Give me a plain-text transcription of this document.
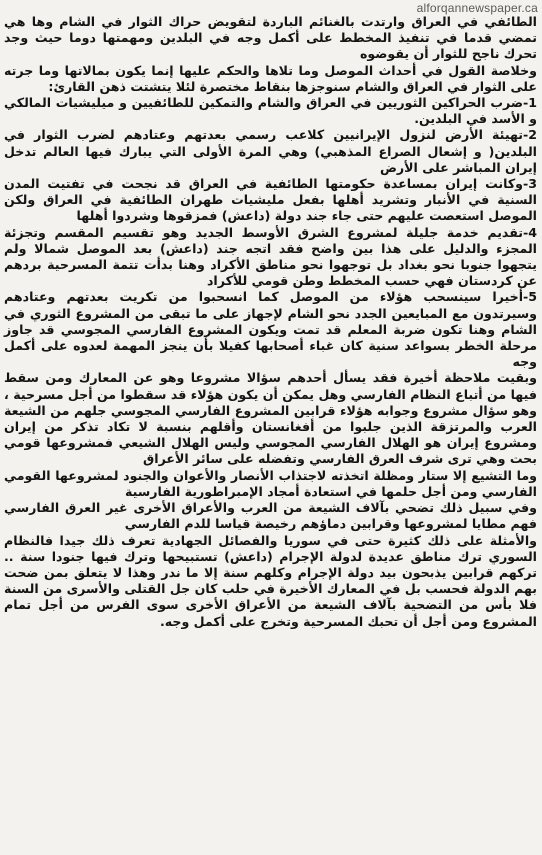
alforqannewspaper.ca

الطائفي في العراق وارتدت بالغنائم الباردة لتقويض حراك الثوار في الشام وها هي تمضي قدما في تنفيذ المخطط على أكمل وجه في البلدين ومهمتها دوما حيث وجد تحرك ناجح للثوار أن يقوضوه

وخلاصة القول في أحداث الموصل وما تلاها والحكم عليها إنما يكون بمالاتها وما جرته على الثوار في العراق والشام سنوجزها بنقاط مختصرة لئلا يتشتت ذهن القارئ:

1-ضرب الحراكين الثوريين في العراق والشام والتمكين للطائفيين و ميليشيات المالكي و الأسد في البلدين.

2-تهيئة الأرض لنزول الإيرانيين كلاعب رسمي بعدتهم وعتادهم لضرب الثوار في البلدين( و إشعال الصراع المذهبي) وهي المرة الأولى التي يبارك فيها العالم تدخل إيران المباشر على الأرض

3-وكانت إيران بمساعدة حكومتها الطائفية في العراق قد نجحت في تفتيت المدن السنية في الأنبار وتشريد أهلها بفعل مليشيات طهران الطائفية في العراق ولكن الموصل استعصت عليهم حتى جاء جند دولة (داعش) فمزقوها وشردوا أهلها

4-تقديم خدمة جليلة لمشروع الشرق الأوسط الجديد وهو تقسيم المقسم وتجزئة المجزء والدليل على هذا بين واضح فقد اتجه جند (داعش) بعد الموصل شمالا ولم يتجهوا جنوبا نحو بغداد بل توجهوا نحو مناطق الأكراد وهنا بدأت تتمة المسرحية بردهم عن كردستان فهي حسب المخطط وطن قومي للأكراد

5-أخيرا سينسحب هؤلاء من الموصل كما انسحبوا من تكريت بعدتهم وعتادهم وسيرتدون مع المبايعين الجدد نحو الشام لإجهاز على ما تبقى من المشروع الثوري في الشام وهنا تكون ضربة المعلم قد تمت ويكون المشروع الفارسي المجوسي قد جاوز مرحلة الخطر بسواعد سنية كان غباء أصحابها كفيلا بأن ينجز المهمة لعدوه على أكمل وجه

وبقيت ملاحظة أخيرة فقد يسأل أحدهم سؤالا مشروعا وهو عن المعارك ومن سقط فيها من أتباع النظام الفارسي وهل يمكن أن يكون هؤلاء قد سقطوا من أجل مسرحية ، وهو سؤال مشروع وجوابه هؤلاء قرابين المشروع الفارسي المجوسي جلهم من الشيعة العرب والمرتزقة الذين جلبوا من أفغانستان وأقلهم بنسبة لا تكاد تذكر من إيران ومشروع إيران هو الهلال الفارسي المجوسي وليس الهلال الشيعي فمشروعها قومي بحت وهي ترى شرف العرق الفارسي وتفضله على سائر الأعراق

وما التشيع إلا ستار ومظلة اتخذته لاجتذاب الأنصار والأعوان والجنود لمشروعها القومي الفارسي ومن أجل حلمها في استعادة أمجاد الإمبراطورية الفارسية

وفي سبيل ذلك تضحي بآلاف الشيعة من العرب والأعراق الأخرى غير العرق الفارسي فهم مطايا لمشروعها وقرابين دماؤهم رخيصة قياسا للدم الفارسي

والأمثلة على ذلك كثيرة حتى في سوريا والفصائل الجهادية تعرف ذلك جيدا فالنظام السوري ترك مناطق عديدة لدولة الإجرام (داعش) تستبيحها وترك فيها جنودا سنة .. تركهم قرابين يذبحون بيد دولة الإجرام وكلهم سنة إلا ما ندر وهذا لا يتعلق بمن ضحت بهم الدولة فحسب بل في المعارك الأخيرة في حلب كان جل القتلى والأسرى من السنة فلا بأس من التضحية بآلاف الشيعة من الأعراق الأخرى سوى الفرس من أجل تمام المشروع ومن أجل أن تحبك المسرحية وتخرج على أكمل وجه.
